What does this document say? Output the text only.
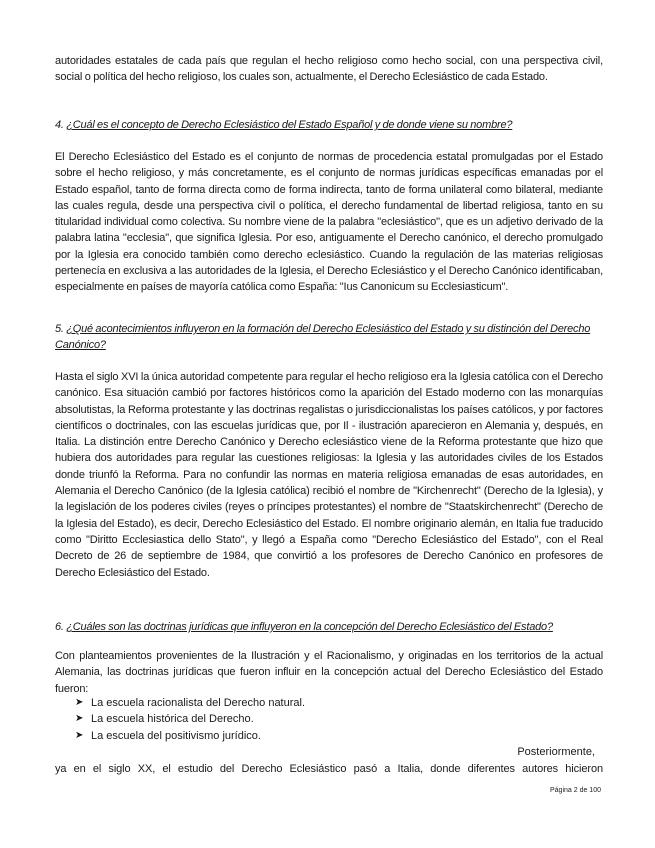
autoridades estatales de cada país que regulan el hecho religioso como hecho social, con una perspectiva civil, social o política del hecho religioso, los cuales son, actualmente, el Derecho Eclesiástico de cada Estado.

4. ¿Cuál es el concepto de Derecho Eclesiástico del Estado Español y de donde viene su nombre?

El Derecho Eclesiástico del Estado es el conjunto de normas de procedencia estatal promulgadas por el Estado sobre el hecho religioso, y más concretamente, es el conjunto de normas jurídicas específicas emanadas por el Estado español, tanto de forma directa como de forma indirecta, tanto de forma unilateral como bilateral, mediante las cuales regula, desde una perspectiva civil o política, el derecho fundamental de libertad religiosa, tanto en su titularidad individual como colectiva. Su nombre viene de la palabra "eclesiástico", que es un adjetivo derivado de la palabra latina "ecclesia", que significa Iglesia. Por eso, antiguamente el Derecho canónico, el derecho promulgado por la Iglesia era conocido también como derecho eclesiástico. Cuando la regulación de las materias religiosas pertenecía en exclusiva a las autoridades de la Iglesia, el Derecho Eclesiástico y el Derecho Canónico identificaban, especialmente en países de mayoría católica como España: "Ius Canonicum su Ecclesiasticum".

5. ¿Qué acontecimientos influyeron en la formación del Derecho Eclesiástico del Estado y su distinción del Derecho Canónico?

Hasta el siglo XVI la única autoridad competente para regular el hecho religioso era la Iglesia católica con el Derecho canónico. Esa situación cambió por factores históricos como la aparición del Estado moderno con las monarquías absolutistas, la Reforma protestante y las doctrinas regalistas o jurisdiccionalistas los países católicos, y por factores científicos o doctrinales, con las escuelas jurídicas que, por Il - ilustración aparecieron en Alemania y, después, en Italia. La distinción entre Derecho Canónico y Derecho eclesiástico viene de la Reforma protestante que hizo que hubiera dos autoridades para regular las cuestiones religiosas: la Iglesia y las autoridades civiles de los Estados donde triunfó la Reforma. Para no confundir las normas en materia religiosa emanadas de esas autoridades, en Alemania el Derecho Canónico (de la Iglesia católica) recibió el nombre de "Kirchenrecht" (Derecho de la Iglesia), y la legislación de los poderes civiles (reyes o príncipes protestantes) el nombre de "Staatskirchenrecht" (Derecho de la Iglesia del Estado), es decir, Derecho Eclesiástico del Estado. El nombre originario alemán, en Italia fue traducido como "Diritto Ecclesiastica dello Stato", y llegó a España como "Derecho Eclesiástico del Estado", con el Real Decreto de 26 de septiembre de 1984, que convirtió a los profesores de Derecho Canónico en profesores de Derecho Eclesiástico del Estado.

6. ¿Cuáles son las doctrinas jurídicas que influyeron en la concepción del Derecho Eclesiástico del Estado?

Con planteamientos provenientes de la Ilustración y el Racionalismo, y originadas en los territorios de la actual Alemania, las doctrinas jurídicas que fueron influir en la concepción actual del Derecho Eclesiástico del Estado fueron:

➤ La escuela racionalista del Derecho natural.
➤ La escuela histórica del Derecho.
➤ La escuela del positivismo jurídico.

Posteriormente,

ya en el siglo XX, el estudio del Derecho Eclesiástico pasó a Italia, donde diferentes autores hicieron

Página 2 de 100
